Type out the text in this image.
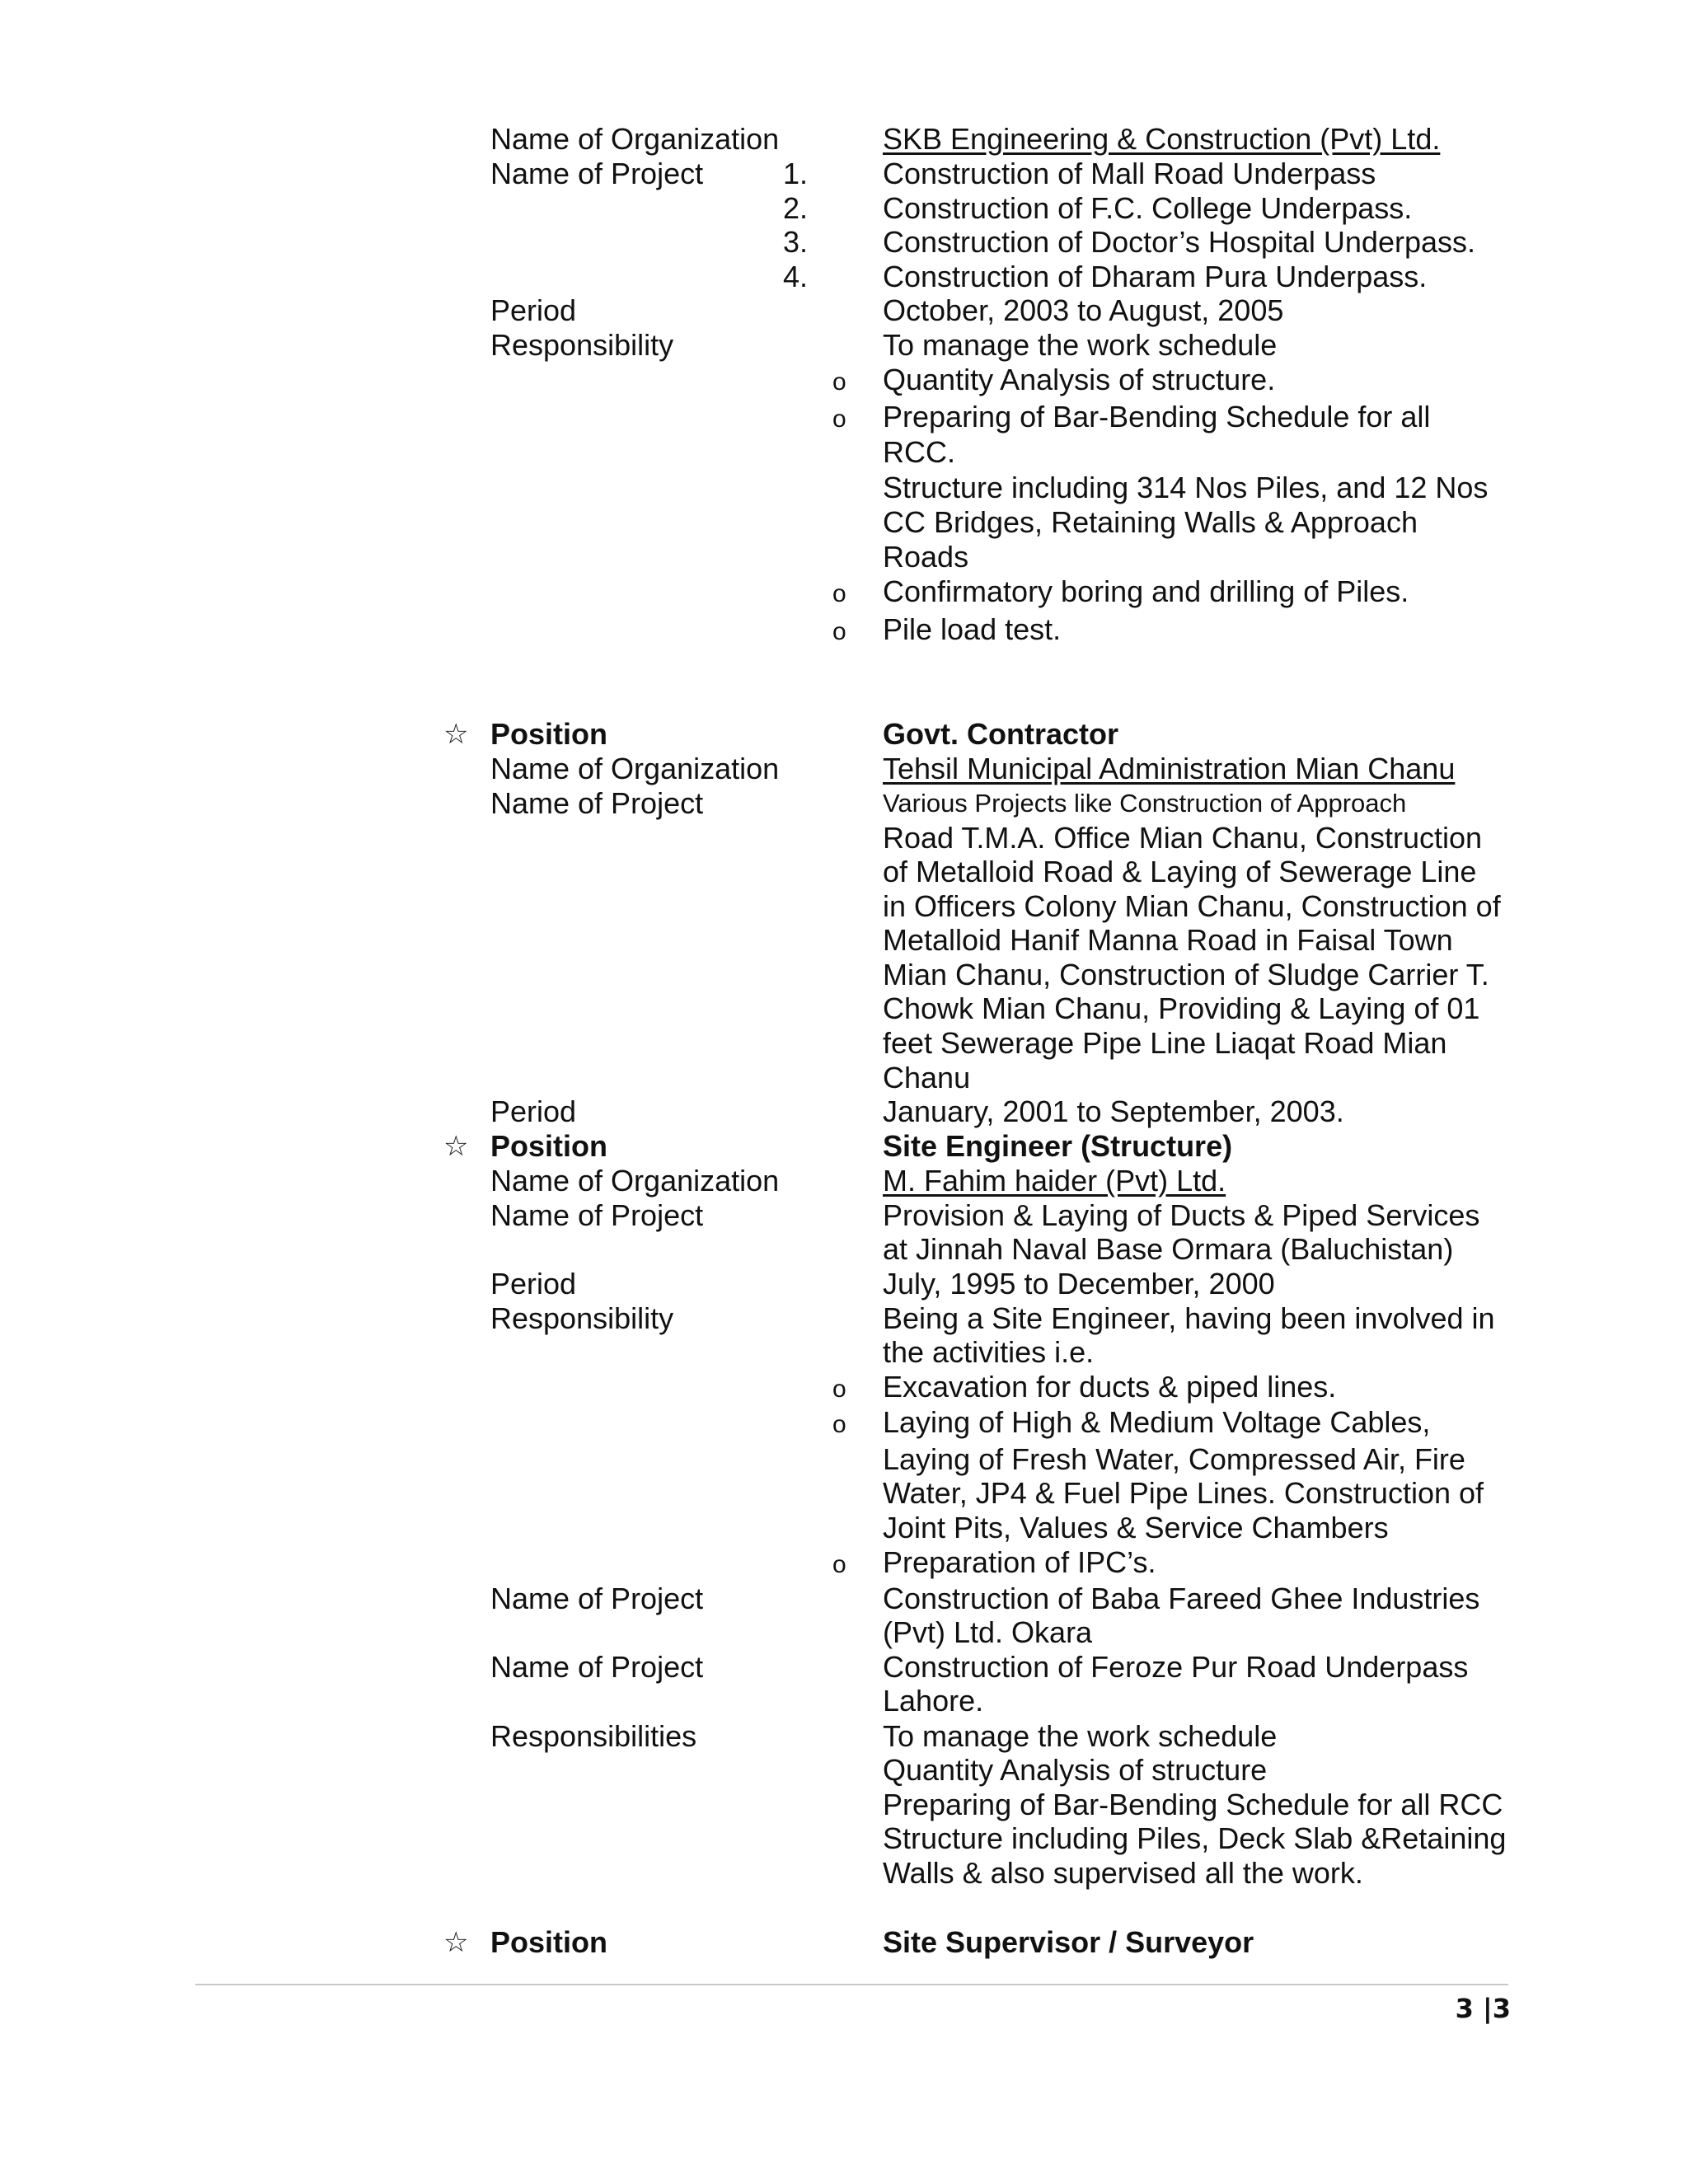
Name of Organization	SKB Engineering & Construction (Pvt) Ltd.
Name of Project	1.	Construction of Mall Road Underpass
2.	Construction of F.C. College Underpass.
3.	Construction of Doctor’s Hospital Underpass.
4.	Construction of Dharam Pura Underpass.
Period	October, 2003 to August, 2005
Responsibility	To manage the work schedule
o Quantity Analysis of structure.
o Preparing of Bar-Bending Schedule for all
RCC.
Structure including 314 Nos Piles, and 12 Nos
CC Bridges, Retaining Walls & Approach
Roads
o Confirmatory boring and drilling of Piles.
o Pile load test.
☆ Position	Govt. Contractor
Name of Organization	Tehsil Municipal Administration Mian Chanu
Name of Project	Various Projects like Construction of Approach
Road T.M.A. Office Mian Chanu, Construction
of Metalloid Road & Laying of Sewerage Line
in Officers Colony Mian Chanu, Construction of
Metalloid Hanif Manna Road in Faisal Town
Mian Chanu, Construction of Sludge Carrier T.
Chowk Mian Chanu, Providing & Laying of 01
feet Sewerage Pipe Line Liaqat Road Mian
Chanu
Period	January, 2001 to September, 2003.
☆ Position	Site Engineer (Structure)
Name of Organization	M. Fahim haider (Pvt) Ltd.
Name of Project	Provision & Laying of Ducts & Piped Services
at Jinnah Naval Base Ormara (Baluchistan)
Period	July, 1995 to December, 2000
Responsibility	Being a Site Engineer, having been involved in
the activities i.e.
o Excavation for ducts & piped lines.
o Laying of High & Medium Voltage Cables,
Laying of Fresh Water, Compressed Air, Fire
Water, JP4 & Fuel Pipe Lines. Construction of
Joint Pits, Values & Service Chambers
o Preparation of IPC’s.
Name of Project	Construction of Baba Fareed Ghee Industries
(Pvt) Ltd. Okara
Name of Project	Construction of Feroze Pur Road Underpass
Lahore.
Responsibilities	To manage the work schedule
Quantity Analysis of structure
Preparing of Bar-Bending Schedule for all RCC
Structure including Piles, Deck Slab &Retaining
Walls & also supervised all the work.
☆ Position	Site Supervisor / Surveyor
3 |3
